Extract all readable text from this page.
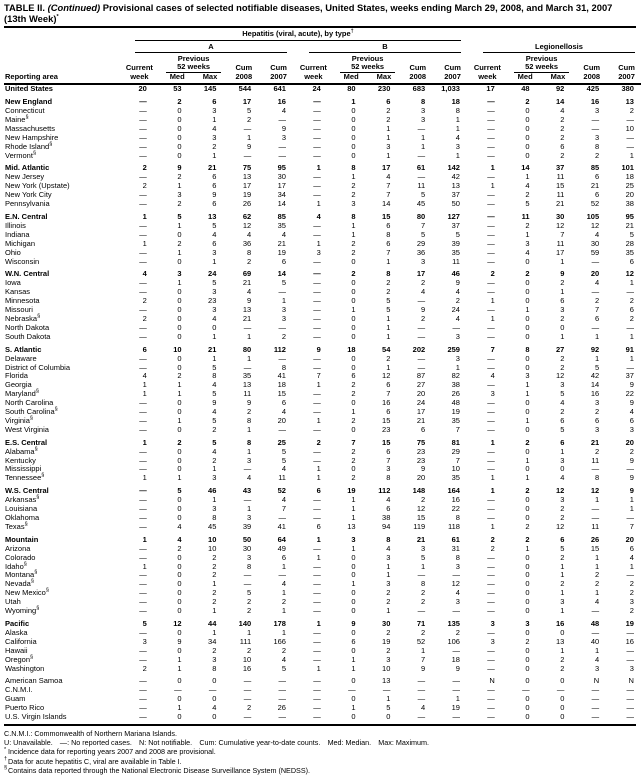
TABLE II. (Continued) Provisional cases of selected notifiable diseases, United States, weeks ending March 29, 2008, and March 31, 2007 (13th Week)*

	Hepatitis (viral, acute), by type†

	A					B					Legionellosis				

Reporting area	Current
week	
Previous
52 weeks
Med	Max
	Cum
2008	Cum
2007	Current
week	
Previous
52 weeks
Med	Max
	Cum
2008	Cum
2007	Current
week	
Previous
52 weeks
Med	Max
	Cum
2008	Cum
2007
United States	20	53	145	544	641	24	80	230	683	1,033	17	48	92	425	380
New England	—	2	6	17	16	—	1	6	8	18	—	2	14	16	13
Connecticut	—	0	3	5	4	—	0	2	3	8	—	0	4	3	2
Maine§	—	0	1	2	—	—	0	2	3	1	—	0	2	—	—
Massachusetts	—	0	4	—	9	—	0	1	—	1	—	0	2	—	10
New Hampshire	—	0	3	1	3	—	0	1	1	4	—	0	2	3	—
Rhode Island§	—	0	2	9	—	—	0	3	1	3	—	0	6	8	—
Vermont§	—	0	1	—	—	—	0	1	—	1	—	0	2	2	1
Mid. Atlantic	2	9	21	75	95	1	8	17	61	142	1	14	37	85	101
New Jersey	—	2	6	13	30	—	1	4	—	42	—	1	11	6	18
New York (Upstate)	2	1	6	17	17	—	2	7	11	13	1	4	15	21	25
New York City	—	3	9	19	34	—	2	7	5	37	—	2	11	6	20
Pennsylvania	—	2	6	26	14	1	3	14	45	50	—	5	21	52	38
E.N. Central	1	5	13	62	85	4	8	15	80	127	—	11	30	105	95
Illinois	—	1	5	12	35	—	1	6	7	37	—	2	12	12	21
Indiana	—	0	4	4	4	—	1	8	5	5	—	1	7	4	5
Michigan	1	2	6	36	21	1	2	6	29	39	—	3	11	30	28
Ohio	—	1	3	8	19	3	2	7	36	35	—	4	17	59	35
Wisconsin	—	0	1	2	6	—	0	1	3	11	—	0	1	—	6
W.N. Central	4	3	24	69	14	—	2	8	17	46	2	2	9	20	12
Iowa	—	1	5	21	5	—	0	2	2	9	—	0	2	4	1
Kansas	—	0	3	4	—	—	0	2	4	4	—	0	1	—	—
Minnesota	2	0	23	9	1	—	0	5	—	2	1	0	6	2	2
Missouri	—	0	3	13	3	—	1	5	9	24	—	1	3	7	6
Nebraska§	2	0	4	21	3	—	0	1	2	4	1	0	2	6	2
North Dakota	—	0	0	—	—	—	0	1	—	—	—	0	0	—	—
South Dakota	—	0	1	1	2	—	0	1	—	3	—	0	1	1	1
S. Atlantic	6	10	21	80	112	9	18	54	202	259	7	8	27	92	91
Delaware	—	0	1	1	—	—	0	2	—	3	—	0	2	1	1
District of Columbia	—	0	5	—	8	—	0	1	—	1	—	0	2	5	—
Florida	4	2	8	35	41	7	6	12	87	82	4	3	12	42	37
Georgia	1	1	4	13	18	1	2	6	27	38	—	1	3	14	9
Maryland§	1	1	5	11	15	—	2	7	20	26	3	1	5	16	22
North Carolina	—	0	9	9	6	—	0	16	24	48	—	0	4	3	9
South Carolina§	—	0	4	2	4	—	1	6	17	19	—	0	2	2	4
Virginia§	—	1	5	8	20	1	2	15	21	35	—	1	6	6	6
West Virginia	—	0	2	1	—	—	0	23	6	7	—	0	5	3	3
E.S. Central	1	2	5	8	25	2	7	15	75	81	1	2	6	21	20
Alabama§	—	0	4	1	5	—	2	6	23	29	—	0	1	2	2
Kentucky	—	0	2	3	5	—	2	7	23	7	—	1	3	11	9
Mississippi	—	0	1	—	4	1	0	3	9	10	—	0	0	—	—
Tennessee§	1	1	3	4	11	1	2	8	20	35	1	1	4	8	9
W.S. Central	—	5	46	43	52	6	19	112	148	164	1	2	12	12	9
Arkansas§	—	0	1	—	4	—	1	4	2	16	—	0	3	1	1
Louisiana	—	0	3	1	7	—	1	6	12	22	—	0	2	—	1
Oklahoma	—	0	8	3	—	—	1	38	15	8	—	0	2	—	—
Texas§	—	4	45	39	41	6	13	94	119	118	1	2	12	11	7
Mountain	1	4	10	50	64	1	3	8	21	61	2	2	6	26	20
Arizona	—	2	10	30	49	—	1	4	3	31	2	1	5	15	6
Colorado	—	0	2	3	6	1	0	3	5	8	—	0	2	1	4
Idaho§	1	0	2	8	1	—	0	1	1	3	—	0	1	1	1
Montana§	—	0	2	—	—	—	0	1	—	—	—	0	1	2	—
Nevada§	—	0	1	—	4	—	1	3	8	12	—	0	2	2	2
New Mexico§	—	0	2	5	1	—	0	2	2	4	—	0	1	1	2
Utah	—	0	2	2	2	—	0	2	2	3	—	0	3	4	3
Wyoming§	—	0	1	2	1	—	0	1	—	—	—	0	1	—	2
Pacific	5	12	44	140	178	1	9	30	71	135	3	3	16	48	19
Alaska	—	0	1	1	1	—	0	2	2	2	—	0	0	—	—
California	3	9	34	111	166	—	6	19	52	106	3	2	13	40	16
Hawaii	—	0	2	2	2	—	0	2	1	—	—	0	1	1	—
Oregon§	—	1	3	10	4	—	1	3	7	18	—	0	2	4	—
Washington	2	1	8	16	5	1	1	10	9	9	—	0	2	3	3
American Samoa	—	0	0	—	—	—	0	13	—	—	N	0	0	N	N
C.N.M.I.	—	—	—	—	—	—	—	—	—	—	—	—	—	—	—
Guam	—	0	0	—	—	—	0	1	—	1	—	0	0	—	—
Puerto Rico	—	1	4	2	26	—	1	5	4	19	—	0	0	—	—
U.S. Virgin Islands	—	0	0	—	—	—	0	0	—	—	—	0	0	—	—
C.N.M.I.: Commonwealth of Northern Mariana Islands.
U: Unavailable. —: No reported cases. N: Not notifiable. Cum: Cumulative year-to-date counts. Med: Median. Max: Maximum.
* Incidence data for reporting years 2007 and 2008 are provisional.
†Data for acute hepatitis C, viral are available in Table I.
§Contains data reported through the National Electronic Disease Surveillance System (NEDSS).
